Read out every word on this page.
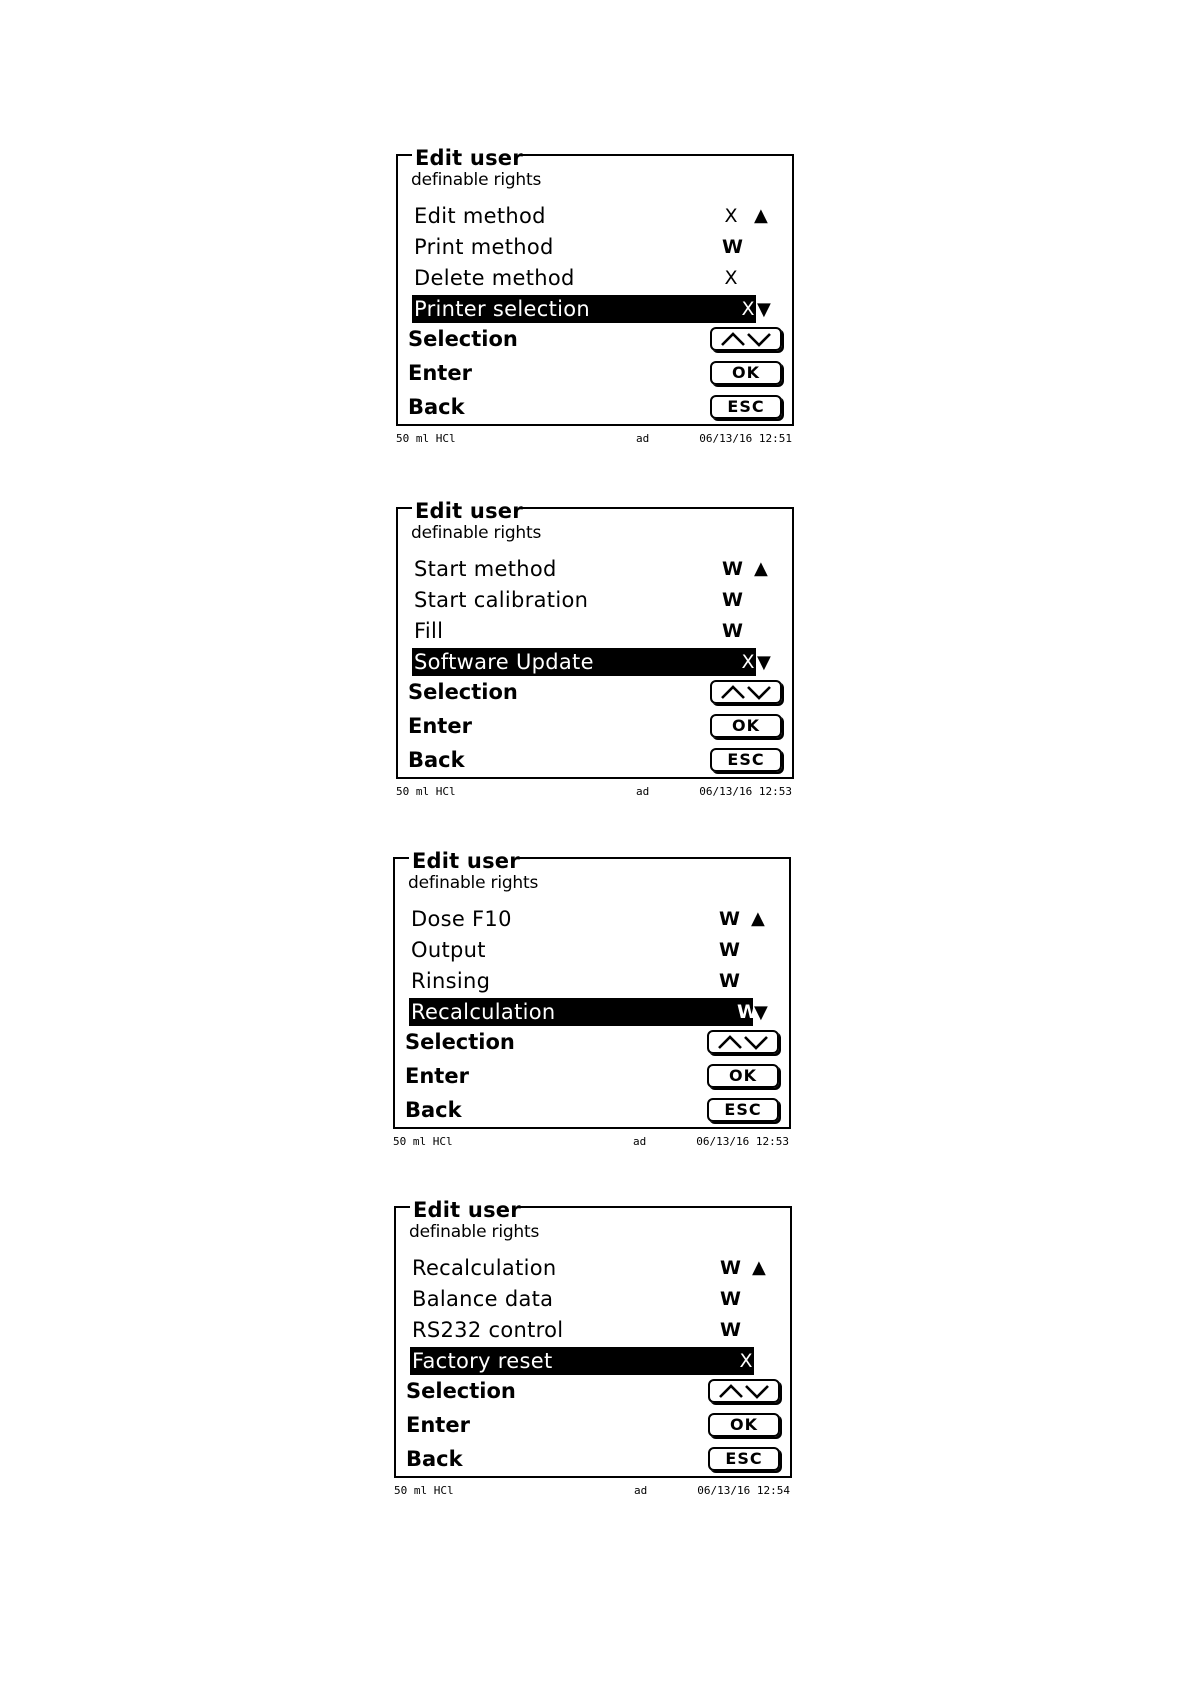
Edit user
definable rights
Edit method	X
Print method	W
Delete method	X
Printer selection	X
▲
▼
Selection
Enter	OK
Back	ESC
50 ml HCl	ad	06/13/16 12:51
Edit user
definable rights
Start method	W
Start calibration	W
Fill	W
Software Update	X
▲
▼
Selection
Enter	OK
Back	ESC
50 ml HCl	ad	06/13/16 12:53
Edit user
definable rights
Dose F10	W
Output	W
Rinsing	W
Recalculation	W
▲
▼
Selection
Enter	OK
Back	ESC
50 ml HCl	ad	06/13/16 12:53
Edit user
definable rights
Recalculation	W
Balance data	W
RS232 control	W
Factory reset	X
▲
Selection
Enter	OK
Back	ESC
50 ml HCl	ad	06/13/16 12:54
